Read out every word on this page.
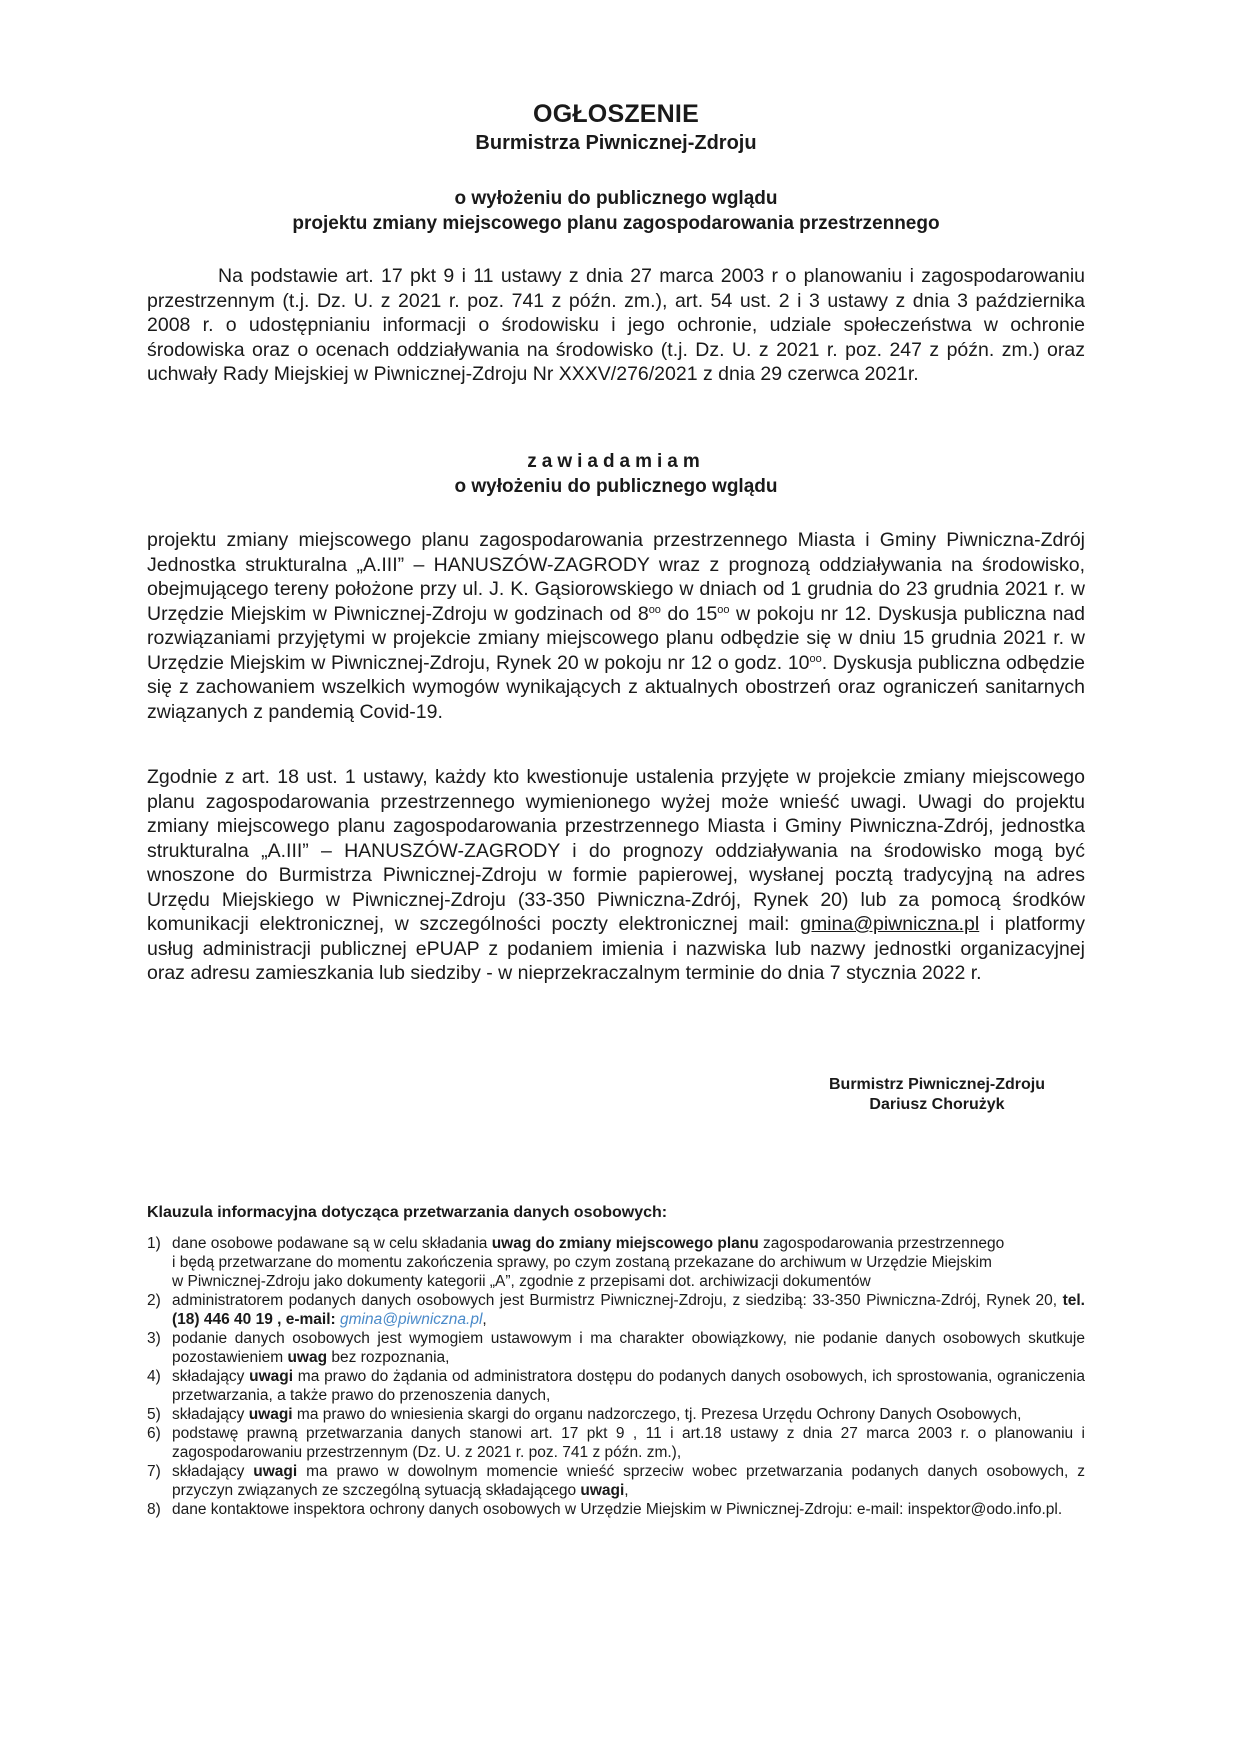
OGŁOSZENIE
Burmistrza Piwnicznej-Zdroju
o wyłożeniu do publicznego wglądu
projektu zmiany miejscowego planu zagospodarowania przestrzennego

Na podstawie art. 17 pkt 9 i 11 ustawy z dnia 27 marca 2003 r o planowaniu i zagospodarowaniu przestrzennym (t.j. Dz. U. z 2021 r. poz. 741 z późn. zm.), art. 54 ust. 2 i 3 ustawy z dnia 3 października 2008 r. o udostępnianiu informacji o środowisku i jego ochronie, udziale społeczeństwa w ochronie środowiska oraz o ocenach oddziaływania na środowisko (t.j. Dz. U. z 2021 r. poz. 247 z późn. zm.) oraz uchwały Rady Miejskiej w Piwnicznej-Zdroju Nr XXXV/276/2021 z dnia 29 czerwca 2021r.

zawiadamiam
o wyłożeniu do publicznego wglądu

projektu zmiany miejscowego planu zagospodarowania przestrzennego Miasta i Gminy Piwniczna-Zdrój Jednostka strukturalna „A.III” – HANUSZÓW-ZAGRODY wraz z prognozą oddziaływania na środowisko, obejmującego tereny położone przy ul. J. K. Gąsiorowskiego w dniach od 1 grudnia do 23 grudnia 2021 r. w Urzędzie Miejskim w Piwnicznej-Zdroju w godzinach od $8^{oo}$ do $15^{oo}$ w pokoju nr 12. Dyskusja publiczna nad rozwiązaniami przyjętymi w projekcie zmiany miejscowego planu odbędzie się w dniu 15 grudnia 2021 r. w Urzędzie Miejskim w Piwnicznej-Zdroju, Rynek 20 w pokoju nr 12 o godz. $10^{oo}$. Dyskusja publiczna odbędzie się z zachowaniem wszelkich wymogów wynikających z aktualnych obostrzeń oraz ograniczeń sanitarnych związanych z pandemią Covid-19.

Zgodnie z art. 18 ust. 1 ustawy, każdy kto kwestionuje ustalenia przyjęte w projekcie zmiany miejscowego planu zagospodarowania przestrzennego wymienionego wyżej może wnieść uwagi. Uwagi do projektu zmiany miejscowego planu zagospodarowania przestrzennego Miasta i Gminy Piwniczna-Zdrój, jednostka strukturalna „A.III” – HANUSZÓW-ZAGRODY i do prognozy oddziaływania na środowisko mogą być wnoszone do Burmistrza Piwnicznej-Zdroju w formie papierowej, wysłanej pocztą tradycyjną na adres Urzędu Miejskiego w Piwnicznej-Zdroju (33-350 Piwniczna-Zdrój, Rynek 20) lub za pomocą środków komunikacji elektronicznej, w szczególności poczty elektronicznej mail: gmina@piwniczna.pl i platformy usług administracji publicznej ePUAP z podaniem imienia i nazwiska lub nazwy jednostki organizacyjnej oraz adresu zamieszkania lub siedziby - w nieprzekraczalnym terminie do dnia 7 stycznia 2022 r.

Burmistrz Piwnicznej-Zdroju
Dariusz Chorużyk
Klauzula informacyjna dotycząca przetwarzania danych osobowych:
1) dane osobowe podawane są w celu składania uwag do zmiany miejscowego planu zagospodarowania przestrzennego
i będą przetwarzane do momentu zakończenia sprawy, po czym zostaną przekazane do archiwum w Urzędzie Miejskim
w Piwnicznej-Zdroju jako dokumenty kategorii „A”, zgodnie z przepisami dot. archiwizacji dokumentów
2) administratorem podanych danych osobowych jest Burmistrz Piwnicznej-Zdroju, z siedzibą: 33-350 Piwniczna-Zdrój, Rynek 20, tel.(18) 446 40 19 , e-mail: gmina@piwniczna.pl,
3) podanie danych osobowych jest wymogiem ustawowym i ma charakter obowiązkowy, nie podanie danych osobowych skutkuje pozostawieniem uwag bez rozpoznania,
4) składający uwagi ma prawo do żądania od administratora dostępu do podanych danych osobowych, ich sprostowania, ograniczenia przetwarzania, a także prawo do przenoszenia danych,
5) składający uwagi ma prawo do wniesienia skargi do organu nadzorczego, tj. Prezesa Urzędu Ochrony Danych Osobowych,
6) podstawę prawną przetwarzania danych stanowi art. 17 pkt 9 , 11 i art.18 ustawy z dnia 27 marca 2003 r. o planowaniu i zagospodarowaniu przestrzennym (Dz. U. z 2021 r. poz. 741 z późn. zm.),
7) składający uwagi ma prawo w dowolnym momencie wnieść sprzeciw wobec przetwarzania podanych danych osobowych, z przyczyn związanych ze szczególną sytuacją składającego uwagi,
8) dane kontaktowe inspektora ochrony danych osobowych w Urzędzie Miejskim w Piwnicznej-Zdroju: e-mail: inspektor@odo.info.pl.
